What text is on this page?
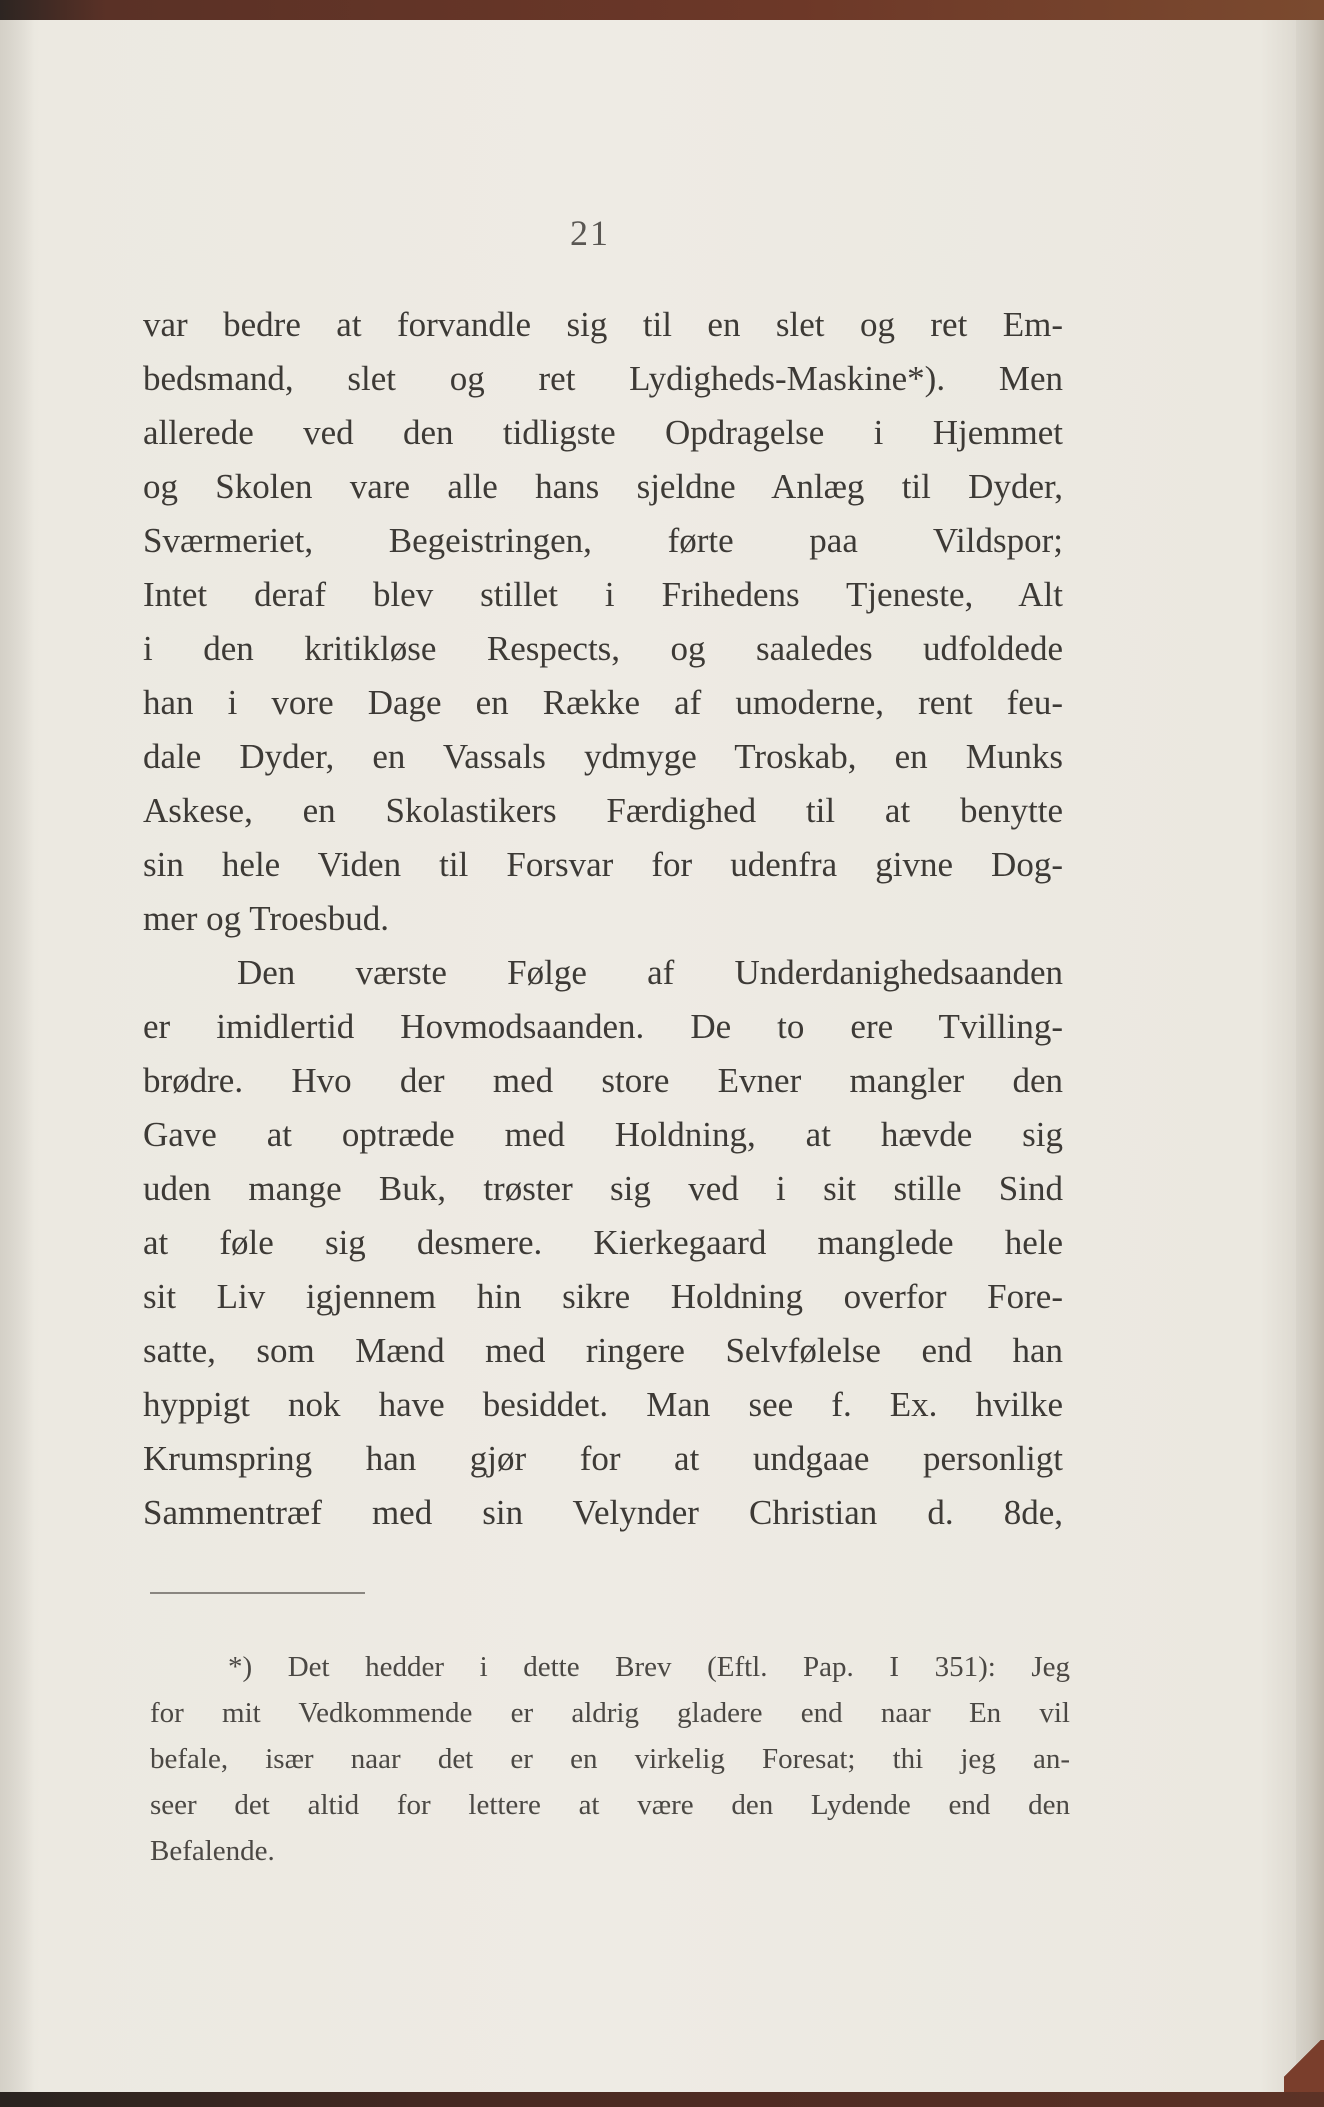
21
var bedre at forvandle sig til en slet og ret Em-
bedsmand, slet og ret Lydigheds-Maskine*). Men
allerede ved den tidligste Opdragelse i Hjemmet
og Skolen vare alle hans sjeldne Anlæg til Dyder,
Sværmeriet, Begeistringen, førte paa Vildspor;
Intet deraf blev stillet i Frihedens Tjeneste, Alt
i den kritikløse Respects, og saaledes udfoldede
han i vore Dage en Række af umoderne, rent feu-
dale Dyder, en Vassals ydmyge Troskab, en Munks
Askese, en Skolastikers Færdighed til at benytte
sin hele Viden til Forsvar for udenfra givne Dog-
mer og Troesbud.
Den værste Følge af Underdanighedsaanden
er imidlertid Hovmodsaanden. De to ere Tvilling-
brødre. Hvo der med store Evner mangler den
Gave at optræde med Holdning, at hævde sig
uden mange Buk, trøster sig ved i sit stille Sind
at føle sig desmere. Kierkegaard manglede hele
sit Liv igjennem hin sikre Holdning overfor Fore-
satte, som Mænd med ringere Selvfølelse end han
hyppigt nok have besiddet. Man see f. Ex. hvilke
Krumspring han gjør for at undgaae personligt
Sammentræf med sin Velynder Christian d. 8de,
*) Det hedder i dette Brev (Eftl. Pap. I 351): Jeg
for mit Vedkommende er aldrig gladere end naar En vil
befale, især naar det er en virkelig Foresat; thi jeg an-
seer det altid for lettere at være den Lydende end den
Befalende.
